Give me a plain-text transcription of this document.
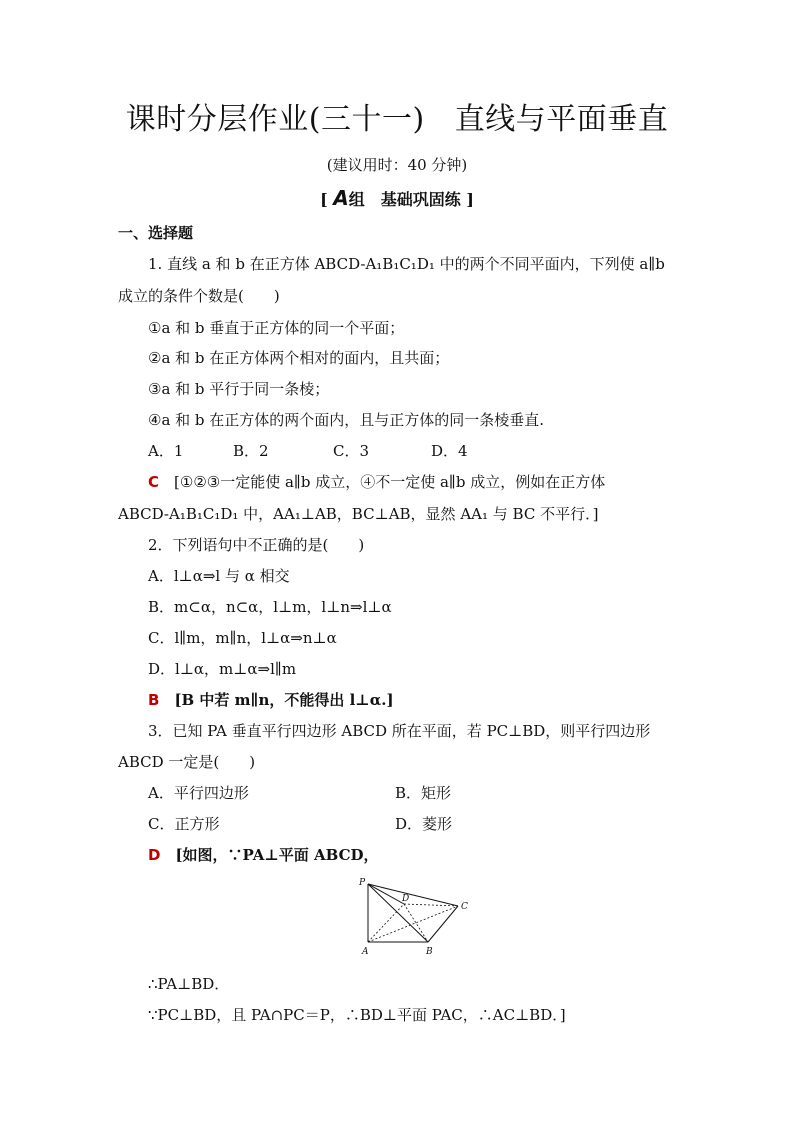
课时分层作业(三十一) 直线与平面垂直
(建议用时：40 分钟)
[ A组　基础巩固练 ]
一、选择题
1. 直线 a 和 b 在正方体 ABCD-A₁B₁C₁D₁ 中的两个不同平面内，下列使 a∥b
成立的条件个数是(　　)
①a 和 b 垂直于正方体的同一个平面；
②a 和 b 在正方体两个相对的面内，且共面；
③a 和 b 平行于同一条棱；
④a 和 b 在正方体的两个面内，且与正方体的同一条棱垂直.
A．1	B．2	C．3	D．4
C  [①②③一定能使 a∥b 成立，④不一定使 a∥b 成立，例如在正方体
ABCD-A₁B₁C₁D₁ 中，AA₁⊥AB，BC⊥AB，显然 AA₁ 与 BC 不平行．]
2．下列语句中不正确的是(　　)
A．l⊥α⇒l 与 α 相交
B．m⊂α，n⊂α，l⊥m，l⊥n⇒l⊥α
C．l∥m，m∥n，l⊥α⇒n⊥α
D．l⊥α，m⊥α⇒l∥m
B  [B 中若 m∥n，不能得出 l⊥α.]
3．已知 PA 垂直平行四边形 ABCD 所在平面，若 PC⊥BD，则平行四边形
ABCD 一定是(　　)
A．平行四边形	B．矩形
C．正方形	D．菱形
D  [如图，∵PA⊥平面 ABCD，
P
D
C
A	B
∴PA⊥BD．
∵PC⊥BD，且 PA∩PC＝P，∴BD⊥平面 PAC，∴AC⊥BD．]
